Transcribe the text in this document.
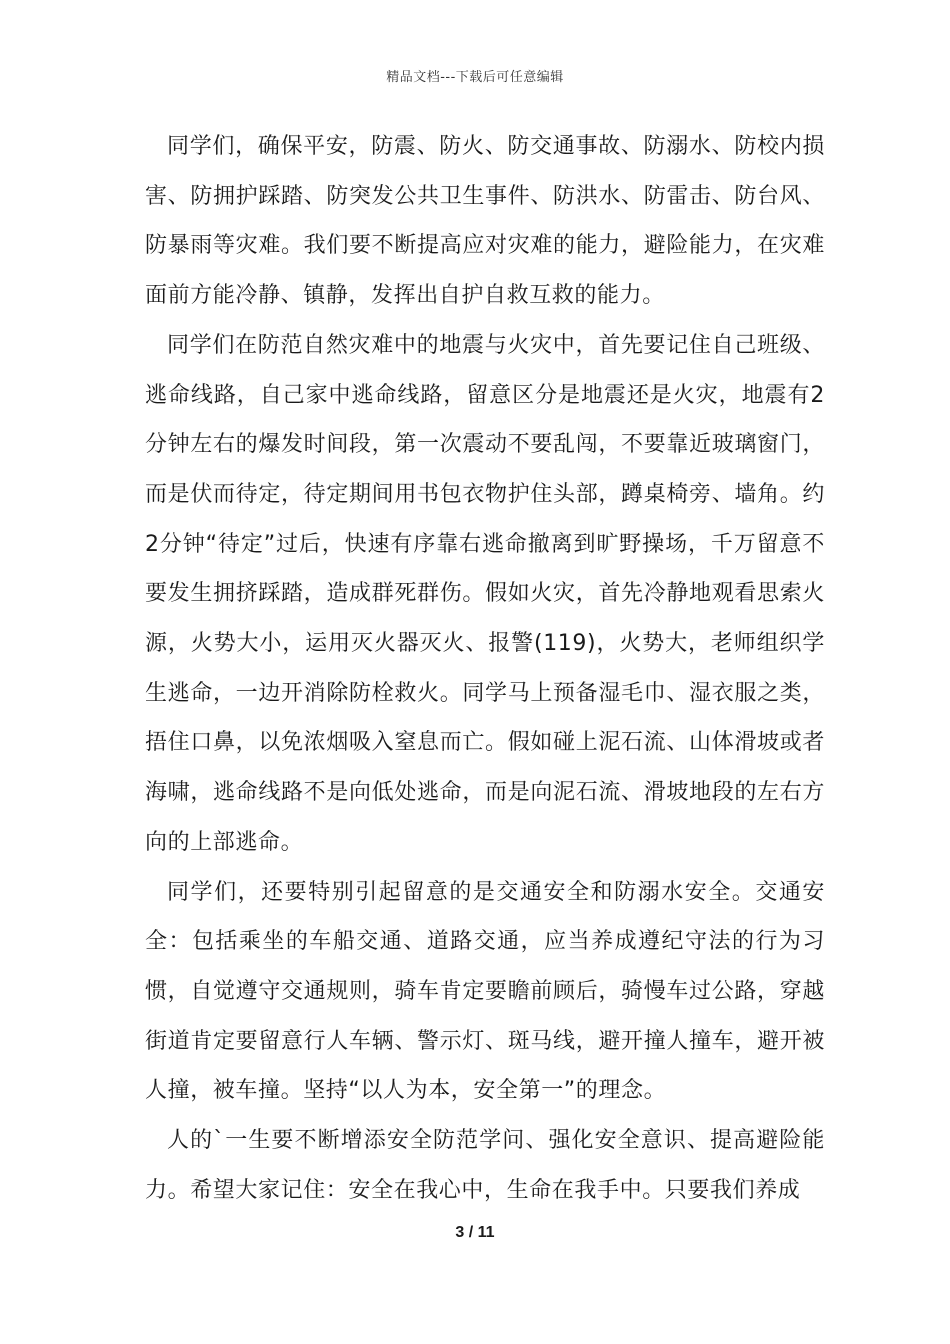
精品文档---下载后可任意编辑

同学们，确保平安，防震、防火、防交通事故、防溺水、防校内损害、防拥护踩踏、防突发公共卫生事件、防洪水、防雷击、防台风、防暴雨等灾难。我们要不断提高应对灾难的能力，避险能力，在灾难面前方能冷静、镇静，发挥出自护自救互救的能力。

同学们在防范自然灾难中的地震与火灾中，首先要记住自己班级、逃命线路，自己家中逃命线路，留意区分是地震还是火灾，地震有2分钟左右的爆发时间段，第一次震动不要乱闯，不要靠近玻璃窗门，而是伏而待定，待定期间用书包衣物护住头部，蹲桌椅旁、墙角。约2分钟“待定”过后，快速有序靠右逃命撤离到旷野操场，千万留意不要发生拥挤踩踏，造成群死群伤。假如火灾，首先冷静地观看思索火源，火势大小，运用灭火器灭火、报警(119)，火势大，老师组织学生逃命，一边开消除防栓救火。同学马上预备湿毛巾、湿衣服之类，捂住口鼻，以免浓烟吸入窒息而亡。假如碰上泥石流、山体滑坡或者海啸，逃命线路不是向低处逃命，而是向泥石流、滑坡地段的左右方向的上部逃命。

同学们，还要特别引起留意的是交通安全和防溺水安全。交通安全：包括乘坐的车船交通、道路交通，应当养成遵纪守法的行为习惯，自觉遵守交通规则，骑车肯定要瞻前顾后，骑慢车过公路，穿越街道肯定要留意行人车辆、警示灯、斑马线，避开撞人撞车，避开被人撞，被车撞。坚持“以人为本，安全第一”的理念。

人的`一生要不断增添安全防范学问、强化安全意识、提高避险能力。希望大家记住：安全在我心中，生命在我手中。只要我们养成

3 / 11
